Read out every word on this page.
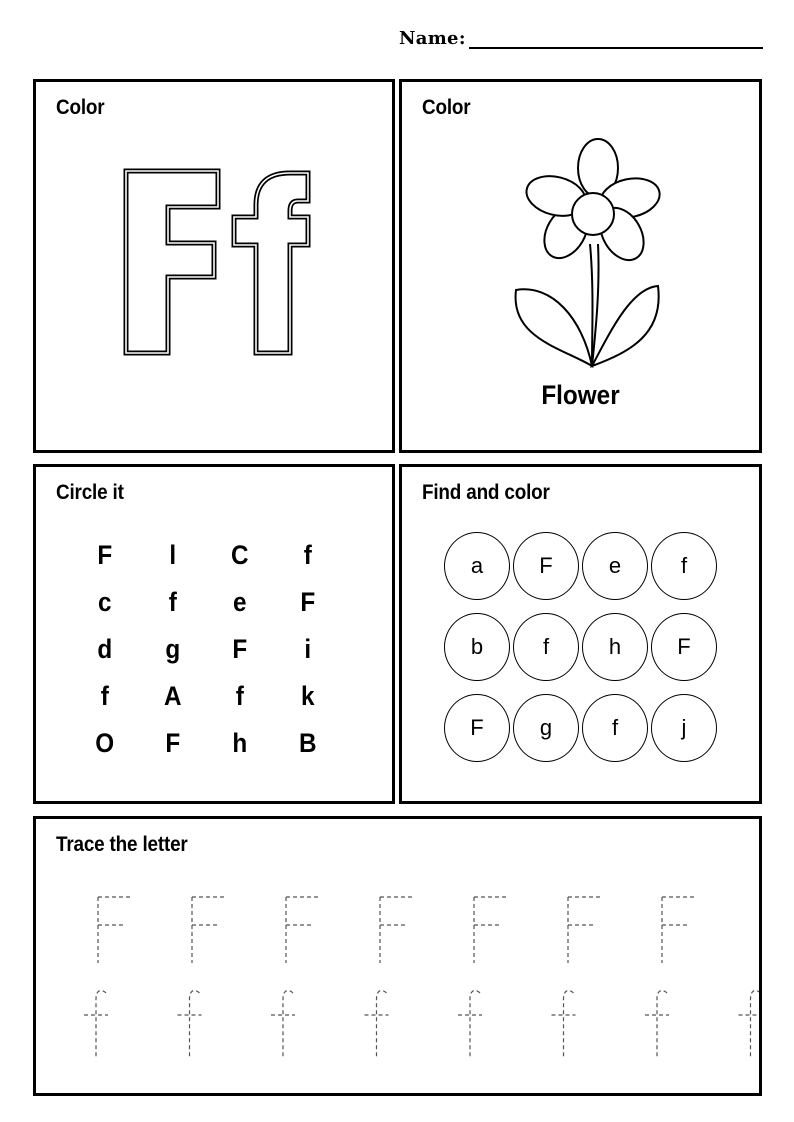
Name:
Color	Color
Flower
Circle it
F	l	C	f
c	f	e	F
d	g	F	i
f	A	f	k
O	F	h	B
Find and color
a	F	e	f
b	f	h	F
F	g	f	j
Trace the letter
